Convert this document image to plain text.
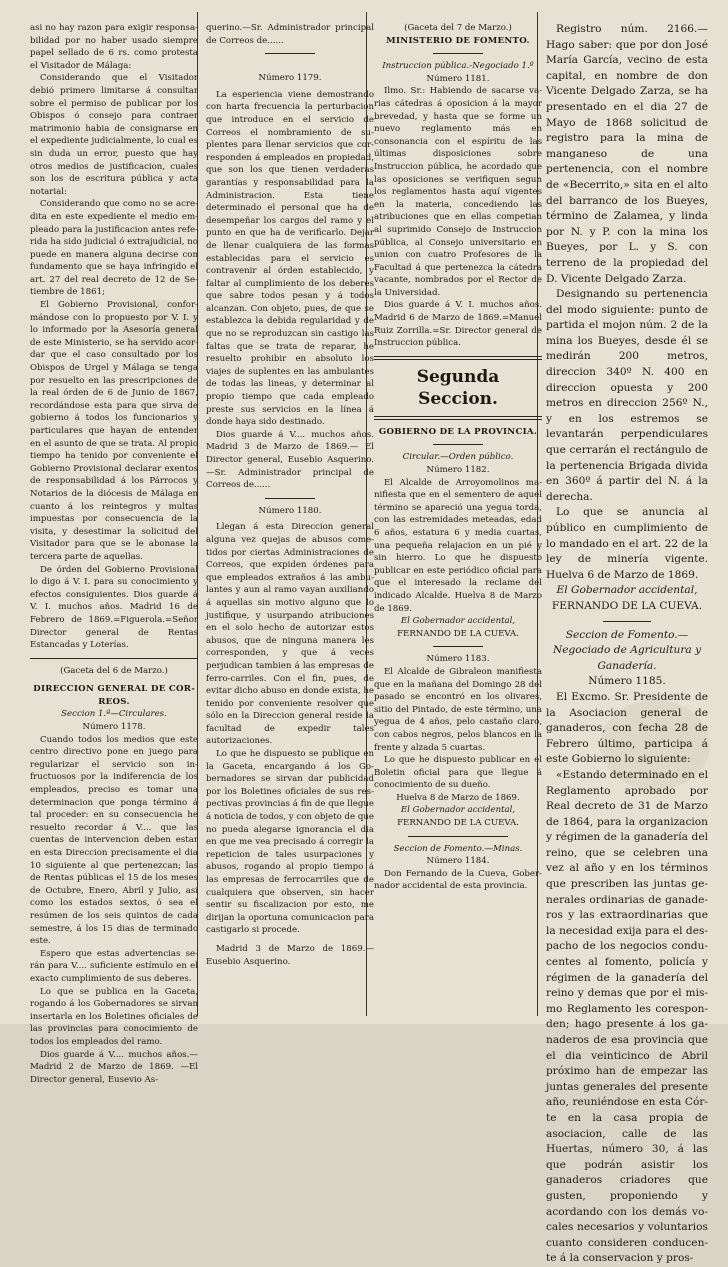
asi no hay razon para exigir responsabilidad por no haber usado siempre papel sellado de 6 rs. como protesta el Visitador de Málaga:

Considerando que el Visitador debió primero limitarse á consultar sobre el permiso de publicar por los Obispos ó consejo para contraer matrimonio habia de consignarse en el expediente judicialmente, lo cual es sin duda un error, puesto que hay otros medios de justificacion, cuales son los de escritura pública y acta notarial:

Considerando que como no se acredita en este expediente el medio empleado para la justificacion antes referida ha sido judicial ó extrajudicial, no puede en manera alguna decirse con fundamento que se haya infringido el art. 27 del real decreto de 12 de Setiembre de 1861;

El Gobierno Provisional, conformándose con lo propuesto por V. I. y lo informado por la Asesoría general de este Ministerio, se ha servido acordar que el caso consultado por los Obispos de Urgel y Málaga se tenga por resuelto en las prescripciones de la real órden de 6 de Junio de 1867, recordándose esta para que sirva de gobierno á todos los funcionarios y particulares que hayan de entender en el asunto de que se trata. Al propio tiempo ha tenido por conveniente el Gobierno Provisional declarar exentos de responsabilidad á los Párrocos y Notarios de la diócesis de Málaga en cuanto á los reintegros y multas impuestas por consecuencia de la visita, y desestimar la solicitud del Visitador para que se le abonase la tercera parte de aquellas.

De órden del Gobierno Provisional lo digo á V. I. para su conocimiento y efectos consiguientes. Dios guarde á V. I. muchos años. Madrid 16 de Febrero de 1869.=Figuerola.=Señor Director general de Rentas Estancadas y Loterías.

(Gaceta del 6 de Marzo.)

DIRECCION GENERAL DE CORREOS.

Seccion 1.ª—Circulares.

Número 1178.

Cuando todos los medios que este centro directivo pone en juego para regularizar el servicio son infructuosos por la indiferencia de los empleados, preciso es tomar una determinacion que ponga término á tal proceder: en su consecuencia he resuelto recordar á V.... que las cuentas de intervencion deben estar en esta Direccion precisamente el dia 10 siguiente al que pertenezcan; las de Rentas públicas el 15 de los meses de Octubre, Enero, Abril y Julio, así como los estados sextos, ó sea el resúmen de los seis quintos de cada semestre, á los 15 dias de terminado este.

Espero que estas advertencias serán para V.... suficiente estímulo en el exacto cumplimiento de sus deberes.

Lo que se publica en la Gaceta, rogando á los Gobernadores se sirvan insertarla en los Boletines oficiales de las provincias para conocimiento de todos los empleados del ramo.

Dios guarde á V.... muchos años.—Madrid 2 de Marzo de 1869. —El Director general, Eusevio As-

querino.—Sr. Administrador principal de Correos de......

Número 1179.

La esperiencia viene demostrando con harta frecuencia la perturbacion que introduce en el servicio de Correos el nombramiento de suplentes para llenar servicios que corresponden á empleados en propiedad, que son los que tienen verdaderas garantías y responsabilidad para la Administracion. Esta tiene determinado el personal que ha de desempeñar los cargos del ramo y el punto en que ha de verificarlo. Dejar de llenar cualquiera de las formas establecidas para el servicio es contravenir al órden establecido, y faltar al cumplimiento de los deberes que sabre todos pesan y á todos alcanzan. Con objeto, pues, de que se establezca la debida regularidad y de que no se reproduzcan sin castigo las faltas que se trata de reparar, he resuelto prohibir en absoluto los viajes de suplentes en las ambulantes de todas las lineas, y determinar al propio tiempo que cada empleado preste sus servicios en la línea á donde haya sido destinado.

Dios guarde á V.... muchos años. Madrid 3 de Marzo de 1869.— El Director general, Eusebio Asquerino.—Sr. Administrador principal de Correos de......

Número 1180.

Llegan á esta Direccion general alguna vez quejas de abusos cometidos por ciertas Administraciones de Correos, que expiden órdenes para que empleados extraños á las ambulantes y aun al ramo vayan auxiliando á aquellas sin motivo alguno que lo justifique, y usurpando atribuciones en el solo hecho de autorizar estos abusos, que de ninguna manera les corresponden, y que á veces perjudican tambien á las empresas de ferro-carriles. Con el fin, pues, de evitar dicho abuso en donde exista, he tenido por conveniente resolver que sólo en la Direccion general reside la facultad de expedir tales autorizaciones.

Lo que he dispuesto se publique en la Gaceta, encargando á los Gobernadores se sirvan dar publicidad por los Boletines oficiales de sus respectivas provincias á fin de que llegue á noticia de todos, y con objeto de que no pueda alegarse ignorancia el dia en que me vea precisado á corregir la repeticion de tales usurpaciones y abusos, rogando al propio tiempo á las empresas de ferrocarriles que de cualquiera que observen, sin hacer sentir su fiscalizacion por esto, me dirijan la oportuna comunicacion para castigarlo si procede.

Madrid 3 de Marzo de 1869.— Eusebio Asquerino.

(Gaceta del 7 de Marzo.)

MINISTERIO DE FOMENTO.

Instruccion pública.-Negociado 1.º

Número 1181.

Ilmo. Sr.: Habiendo de sacarse varias cátedras á oposicion á la mayor brevedad, y hasta que se forme un nuevo reglamento más en consonancia con el espíritu de las últimas disposiciones sobre Instruccion pública, he acordado que las oposiciones se verifiquen segun los reglamentos hasta aquí vigentes en la materia, concediendo las atribuciones que en ellas competian al suprimido Consejo de Instruccion pública, al Consejo universitario en union con cuatro Profesores de la Facultad á que pertenezca la cátedra vacante, nombrados por el Rector de la Universidad.

Dios guarde á V. I. muchos años. Madrid 6 de Marzo de 1869.=Manuel Ruiz Zorrilla.=Sr. Director general de Instruccion pública.

Segunda Seccion.

GOBIERNO DE LA PROVINCIA.

Circular.—Orden público.

Número 1182.

El Alcalde de Arroyomolinos manifiesta que en el sementero de aquel término se apareció una yegua torda, con las estremidades meteadas, edad 6 años, estatura 6 y media cuartas, una pequeña relajacion en un pié y sin hierro. Lo que he dispuesto publicar en este periódico oficial para que el interesado la reclame del indicado Alcalde. Huelva 8 de Marzo de 1869.

El Gobernador accidental,

FERNANDO DE LA CUEVA.

Número 1183.

El Alcalde de Gibraleon manifiesta que en la mañana del Domingo 28 del pasado se encontró en los olivares, sitio del Pintado, de este término, una yegua de 4 años, pelo castaño claro, con cabos negros, pelos blancos en la frente y alzada 5 cuartas.

Lo que he dispuesto publicar en el Boletin oficial para que llegue á conocimiento de su dueño.

Huelva 8 de Marzo de 1869.

El Gobernador accidental,

FERNANDO DE LA CUEVA.

Seccion de Fomento.—Minas.

Número 1184.

Don Fernando de la Cueva, Gobernador accidental de esta provincia.

Registro núm. 2166.— Hago saber: que por don José María García, vecino de esta capital, en nombre de don Vicente Delgado Zarza, se ha presentado en el dia 27 de Mayo de 1868 solicitud de registro para la mina de manganeso de una pertenencia, con el nombre de «Becerrito,» sita en el alto del barranco de los Bueyes, término de Zalamea, y linda por N. y P. con la mina los Bueyes, por L. y S. con terreno de la propiedad del D. Vicente Delgado Zarza.

Designando su pertenencia del modo siguiente: punto de partida el mojon núm. 2 de la mina los Bueyes, desde él se medirán 200 metros, direccion 340º N. 400 en direccion opuesta y 200 metros en direccion 256º N., y en los estremos se levantarán perpendiculares que cerrarán el rectángulo de la pertenencia Brigada divida en 360º á partir del N. á la derecha.

Lo que se anuncia al público en cumplimiento de lo mandado en el art. 22 de la ley de minería vigente. Huelva 6 de Marzo de 1869.

El Gobernador accidental,

FERNANDO DE LA CUEVA.

Seccion de Fomento.—Negociado de Agricultura y Ganadería.

Número 1185.

El Excmo. Sr. Presidente de la Asociacion general de ganaderos, con fecha 28 de Febrero último, participa á este Gobierno lo siguiente:

«Estando determinado en el Reglamento aprobado por Real decreto de 31 de Marzo de 1864, para la organizacion y régimen de la ganadería del reino, que se celebren una vez al año y en los términos que prescriben las juntas generales ordinarias de ganaderos y las extraordinarias que la necesidad exija para el despacho de los negocios conducentes al fomento, policía y régimen de la ganadería del reino y demas que por el mismo Reglamento les coresponden; hago presente á los ganaderos de esa provincia que el dia veinticinco de Abril próximo han de empezar las juntas generales del presente año, reuniéndose en esta Córte en la casa propia de asociacion, calle de las Huertas, número 30, á las que podrán asistir los ganaderos criadores que gusten, proponiendo y acordando con los demás vocales necesarios y voluntarios cuanto consideren conducente á la conservacion y pros-
